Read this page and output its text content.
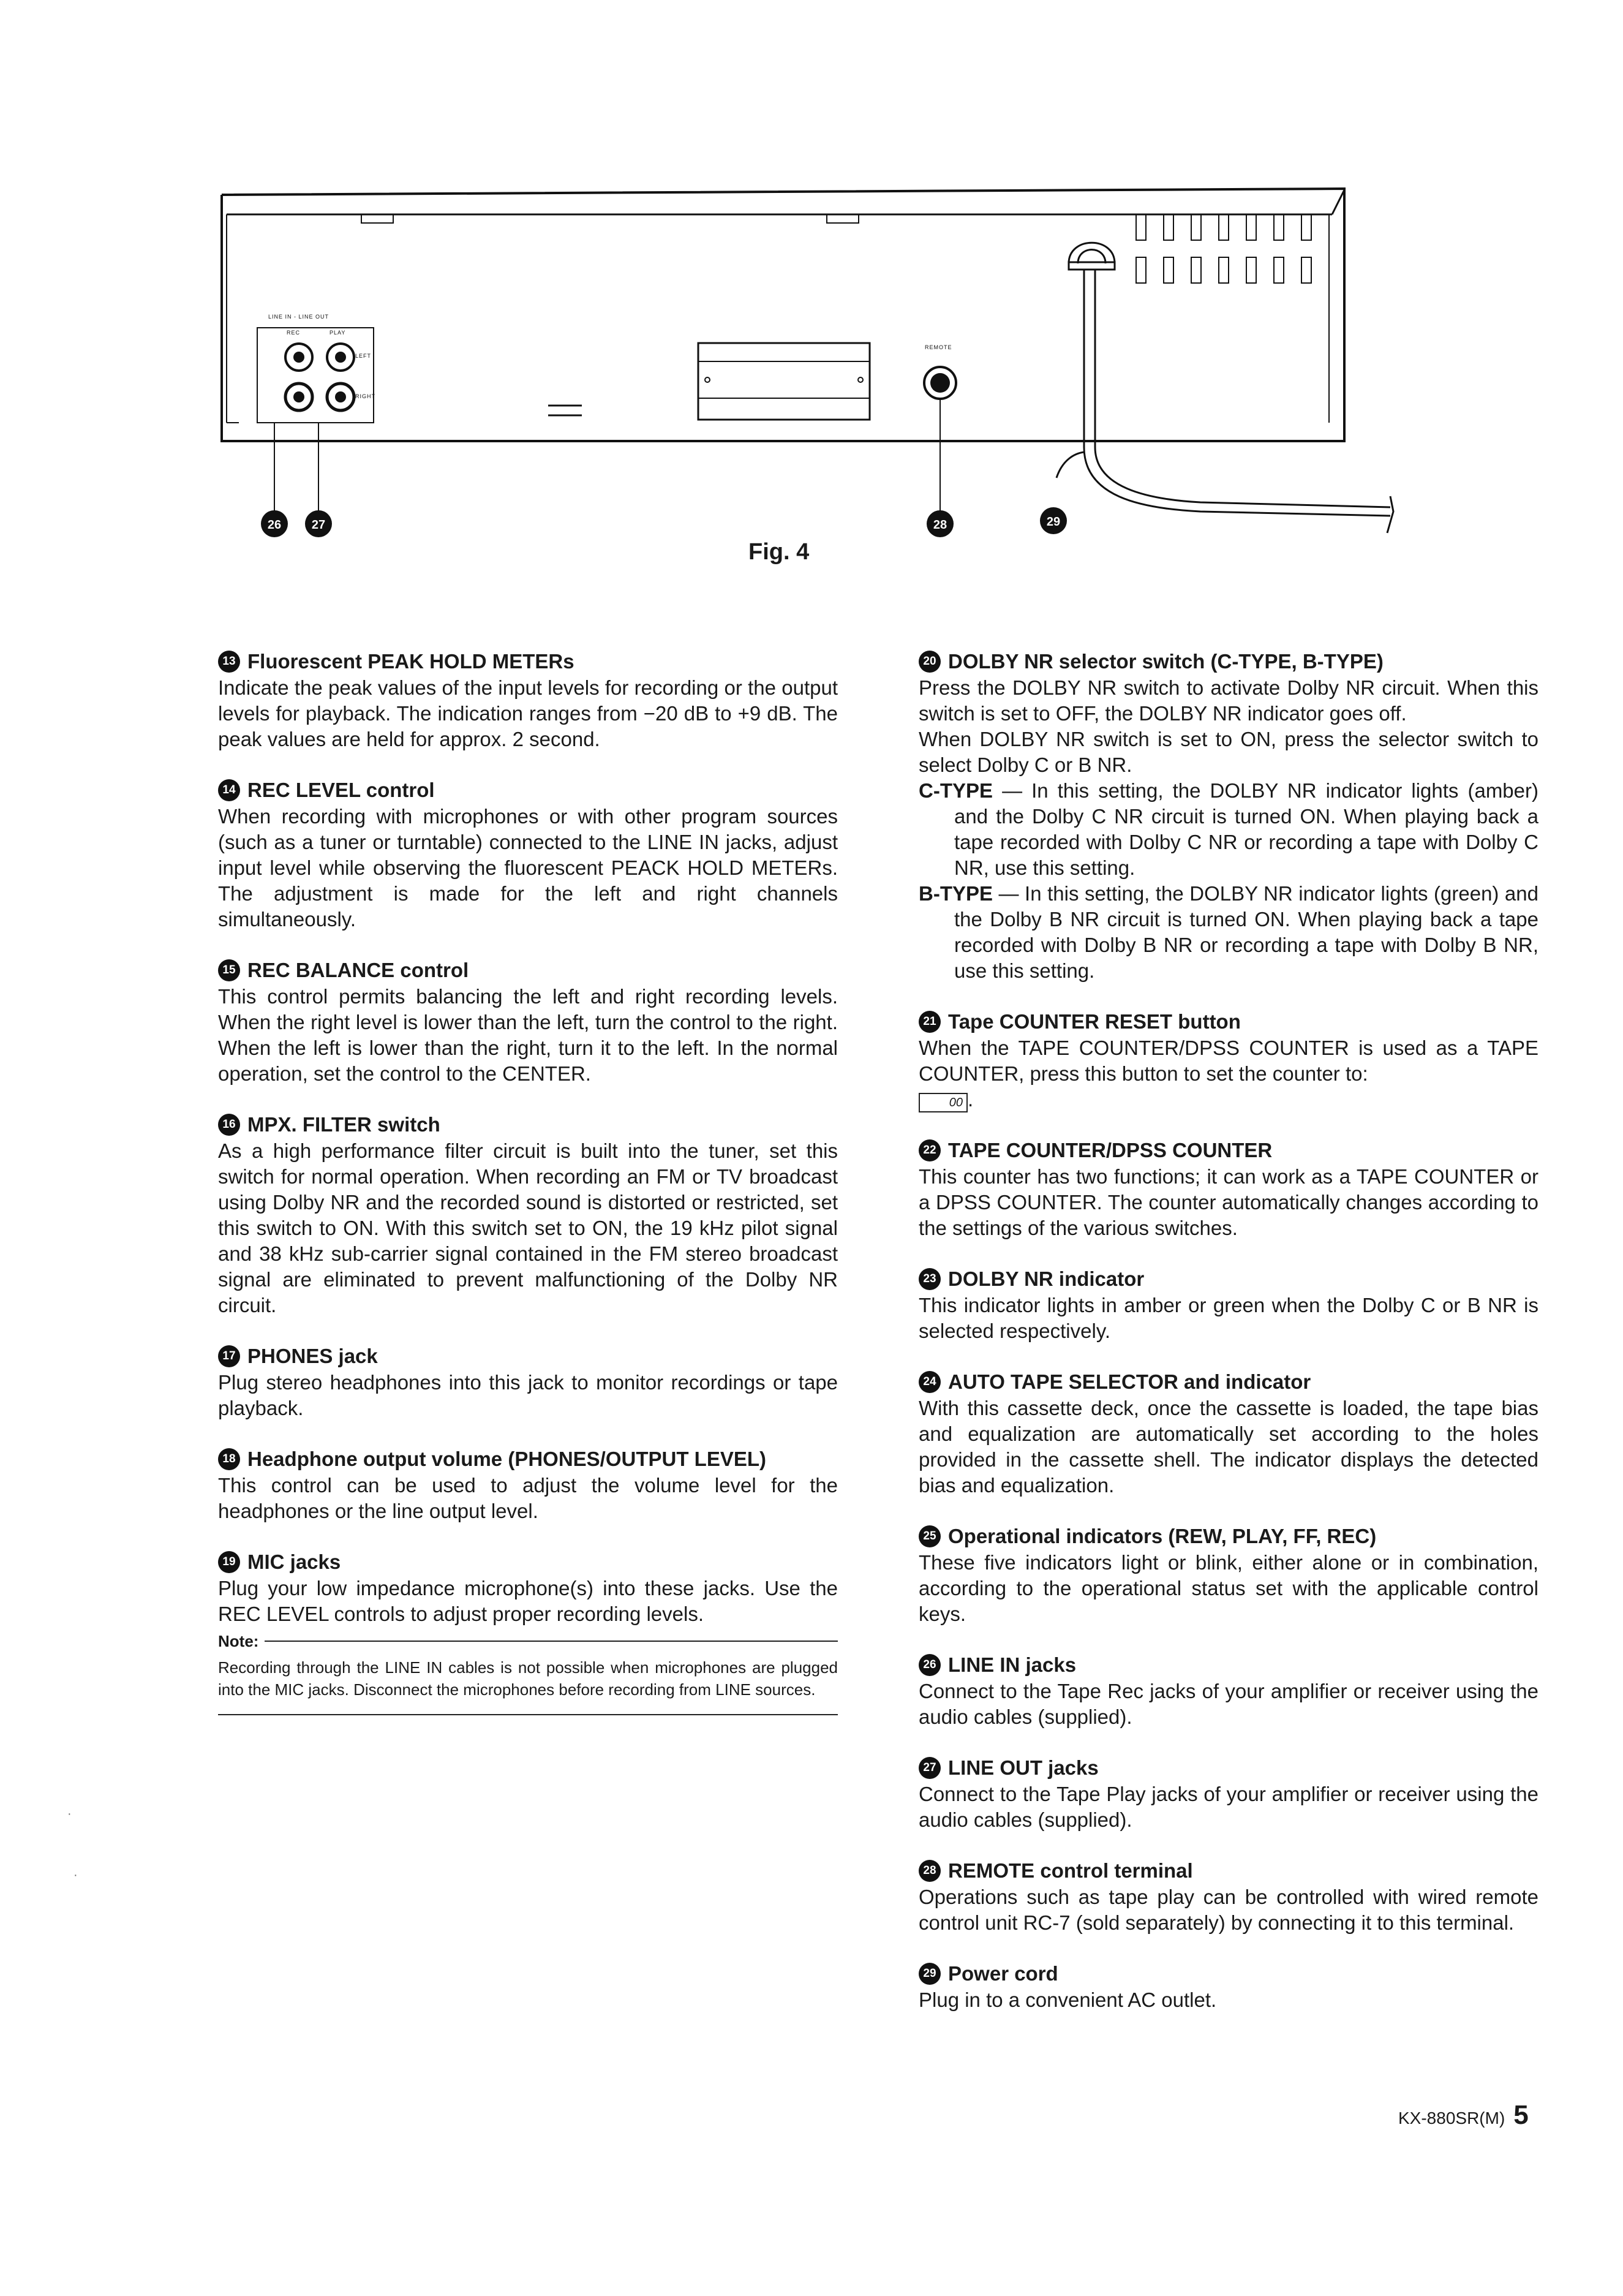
26 27	28	29
LINE IN - LINE OUT
REC	PLAY
LEFT
RIGHT
REMOTE
Fig. 4
13 Fluorescent PEAK HOLD METERs

Indicate the peak values of the input levels for recording or the output levels for playback. The indication ranges from −20 dB to +9 dB. The peak values are held for approx. 2 second.

14 REC LEVEL control

When recording with microphones or with other program sources (such as a tuner or turntable) connected to the LINE IN jacks, adjust input level while observing the fluorescent PEACK HOLD METERs. The adjustment is made for the left and right channels simultaneously.

15 REC BALANCE control

This control permits balancing the left and right recording levels. When the right level is lower than the left, turn the control to the right. When the left is lower than the right, turn it to the left. In the normal operation, set the control to the CENTER.

16 MPX. FILTER switch

As a high performance filter circuit is built into the tuner, set this switch for normal operation. When recording an FM or TV broadcast using Dolby NR and the recorded sound is distorted or restricted, set this switch to ON. With this switch set to ON, the 19 kHz pilot signal and 38 kHz sub-carrier signal contained in the FM stereo broadcast signal are eliminated to prevent malfunctioning of the Dolby NR circuit.

17 PHONES jack

Plug stereo headphones into this jack to monitor recordings or tape playback.

18 Headphone output volume (PHONES/OUTPUT LEVEL)

This control can be used to adjust the volume level for the headphones or the line output level.

19 MIC jacks

Plug your low impedance microphone(s) into these jacks. Use the REC LEVEL controls to adjust proper recording levels.

Note:

Recording through the LINE IN cables is not possible when microphones are plugged into the MIC jacks. Disconnect the microphones before recording from LINE sources.

20 DOLBY NR selector switch (C-TYPE, B-TYPE)

Press the DOLBY NR switch to activate Dolby NR circuit. When this switch is set to OFF, the DOLBY NR indicator goes off.

When DOLBY NR switch is set to ON, press the selector switch to select Dolby C or B NR.

C-TYPE — In this setting, the DOLBY NR indicator lights (amber) and the Dolby C NR circuit is turned ON. When playing back a tape recorded with Dolby C NR or recording a tape with Dolby C NR, use this setting.

B-TYPE — In this setting, the DOLBY NR indicator lights (green) and the Dolby B NR circuit is turned ON. When playing back a tape recorded with Dolby B NR or recording a tape with Dolby B NR, use this setting.

21 Tape COUNTER RESET button

When the TAPE COUNTER/DPSS COUNTER is used as a TAPE COUNTER, press this button to set the counter to:

00 .

22 TAPE COUNTER/DPSS COUNTER

This counter has two functions; it can work as a TAPE COUNTER or a DPSS COUNTER. The counter automatically changes according to the settings of the various switches.

23 DOLBY NR indicator

This indicator lights in amber or green when the Dolby C or B NR is selected respectively.

24 AUTO TAPE SELECTOR and indicator

With this cassette deck, once the cassette is loaded, the tape bias and equalization are automatically set according to the holes provided in the cassette shell. The indicator displays the detected bias and equalization.

25 Operational indicators (REW, PLAY, FF, REC)

These five indicators light or blink, either alone or in combination, according to the operational status set with the applicable control keys.

26 LINE IN jacks

Connect to the Tape Rec jacks of your amplifier or receiver using the audio cables (supplied).

27 LINE OUT jacks

Connect to the Tape Play jacks of your amplifier or receiver using the audio cables (supplied).

28 REMOTE control terminal

Operations such as tape play can be controlled with wired remote control unit RC-7 (sold separately) by connecting it to this terminal.

29 Power cord

Plug in to a convenient AC outlet.

·
·
KX-880SR(M) 5
